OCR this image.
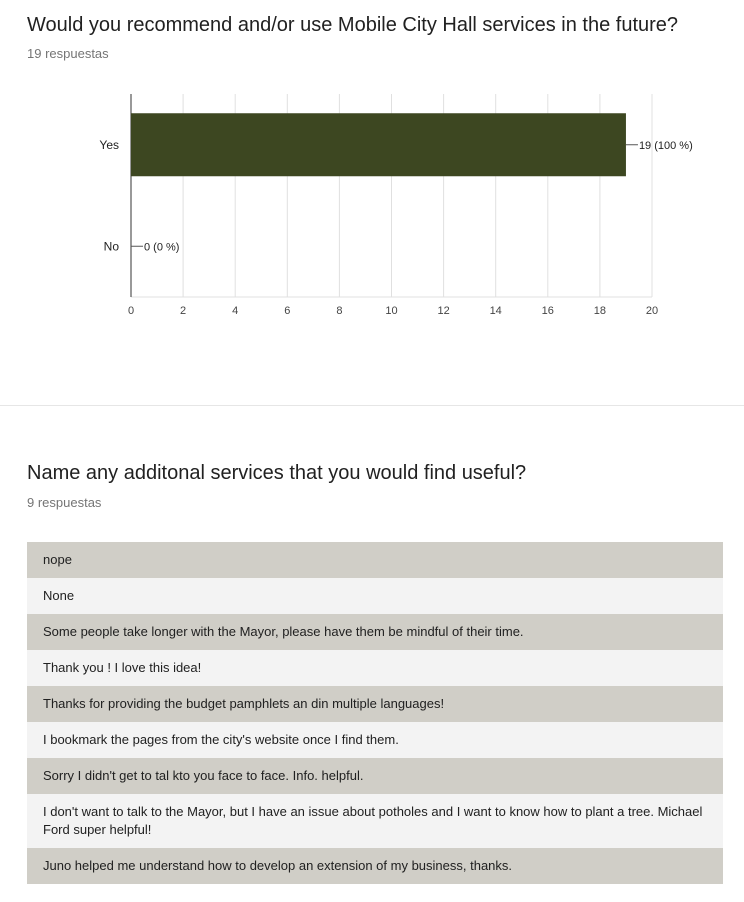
Would you recommend and/or use Mobile City Hall services in the future?
19 respuestas
0	2	4	6	8	10	12	14	16	18	20
Yes	19 (100 %)
No 0 (0 %)
Name any additonal services that you would find useful?
9 respuestas
nope
None
Some people take longer with the Mayor, please have them be mindful of their time.
Thank you ! I love this idea!
Thanks for providing the budget pamphlets an din multiple languages!
I bookmark the pages from the city's website once I find them.
Sorry I didn't get to tal kto you face to face. Info. helpful.
I don't want to talk to the Mayor, but I have an issue about potholes and I want to know how to plant a tree. Michael Ford super helpful!
Juno helped me understand how to develop an extension of my business, thanks.
